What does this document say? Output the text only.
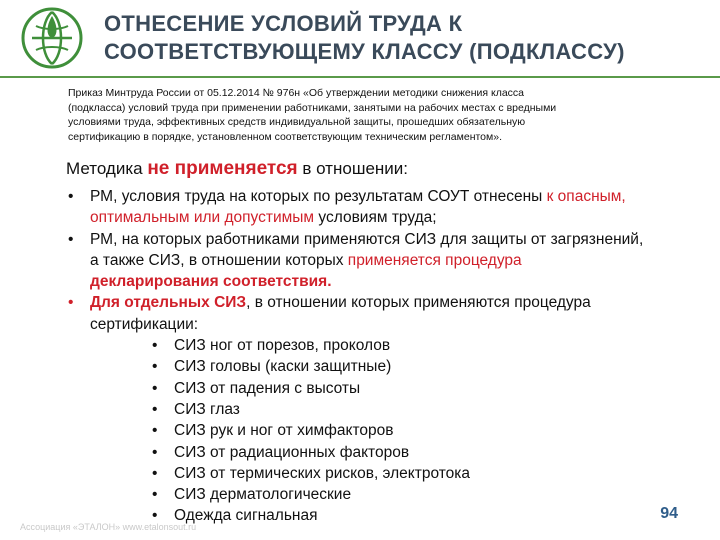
ОТНЕСЕНИЕ УСЛОВИЙ ТРУДА К
СООТВЕТСТВУЮЩЕМУ КЛАССУ (ПОДКЛАССУ)
Приказ Минтруда России от 05.12.2014 № 976н «Об утверждении методики снижения класса
(подкласса) условий труда при применении работниками, занятыми на рабочих местах с вредными
условиями труда, эффективных средств индивидуальной защиты, прошедших обязательную
сертификацию в порядке, установленном соответствующим техническим регламентом».
Методика не применяется в отношении:
• РМ, условия труда на которых по результатам СОУТ отнесены к опасным,
оптимальным или допустимым условиям труда;
• РМ, на которых работниками применяются СИЗ для защиты от загрязнений,
а также СИЗ, в отношении которых применяется процедура
декларирования соответствия.
• Для отдельных СИЗ, в отношении которых применяются процедура
сертификации:
• СИЗ ног от порезов, проколов
• СИЗ головы (каски защитные)
• СИЗ от падения с высоты
• СИЗ глаз
• СИЗ рук и ног от химфакторов
• СИЗ от радиационных факторов
• СИЗ от термических рисков, электротока
• СИЗ дерматологические
• Одежда сигнальная
Ассоциация «ЭТАЛОН» www.etalonsout.ru
94
